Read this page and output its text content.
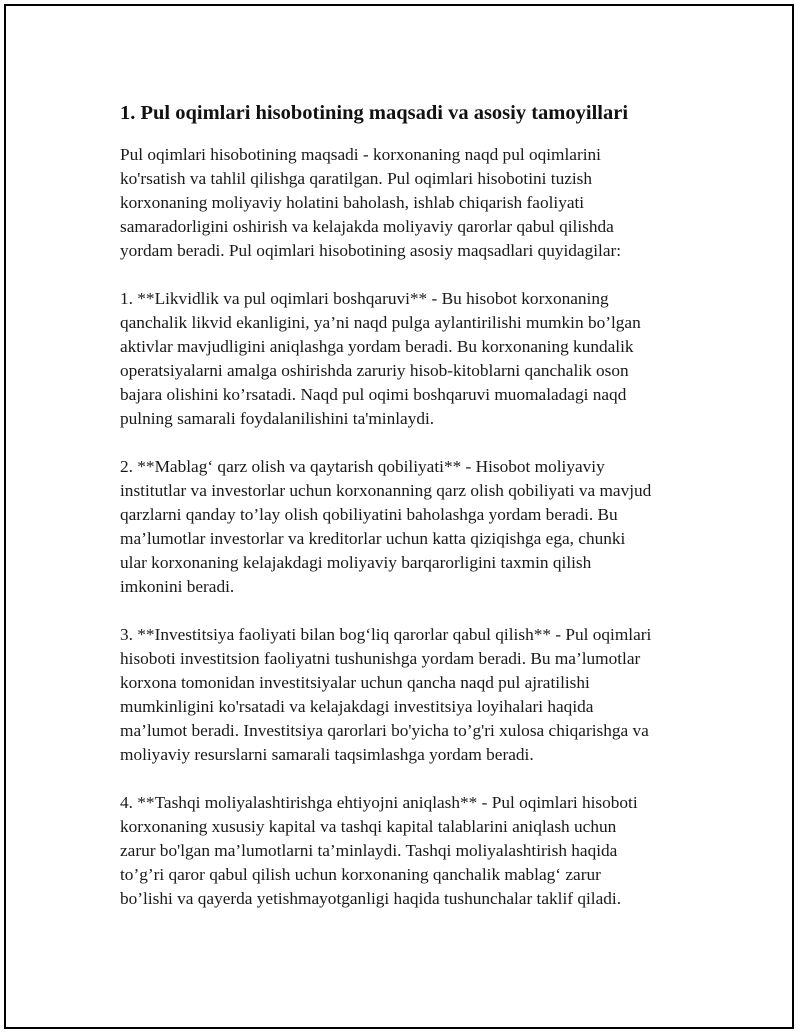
1. Pul oqimlari hisobotining maqsadi va asosiy tamoyillari
Pul oqimlari hisobotining maqsadi - korxonaning naqd pul oqimlarini
ko'rsatish va tahlil qilishga qaratilgan. Pul oqimlari hisobotini tuzish
korxonaning moliyaviy holatini baholash, ishlab chiqarish faoliyati
samaradorligini oshirish va kelajakda moliyaviy qarorlar qabul qilishda
yordam beradi. Pul oqimlari hisobotining asosiy maqsadlari quyidagilar:
1. **Likvidlik va pul oqimlari boshqaruvi** - Bu hisobot korxonaning
qanchalik likvid ekanligini, ya’ni naqd pulga aylantirilishi mumkin bo’lgan
aktivlar mavjudligini aniqlashga yordam beradi. Bu korxonaning kundalik
operatsiyalarni amalga oshirishda zaruriy hisob-kitoblarni qanchalik oson
bajara olishini ko’rsatadi. Naqd pul oqimi boshqaruvi muomaladagi naqd
pulning samarali foydalanilishini ta'minlaydi.
2. **Mablag‘ qarz olish va qaytarish qobiliyati** - Hisobot moliyaviy
institutlar va investorlar uchun korxonanning qarz olish qobiliyati va mavjud
qarzlarni qanday to’lay olish qobiliyatini baholashga yordam beradi. Bu
ma’lumotlar investorlar va kreditorlar uchun katta qiziqishga ega, chunki
ular korxonaning kelajakdagi moliyaviy barqarorligini taxmin qilish
imkonini beradi.
3. **Investitsiya faoliyati bilan bog‘liq qarorlar qabul qilish** - Pul oqimlari
hisoboti investitsion faoliyatni tushunishga yordam beradi. Bu ma’lumotlar
korxona tomonidan investitsiyalar uchun qancha naqd pul ajratilishi
mumkinligini ko'rsatadi va kelajakdagi investitsiya loyihalari haqida
ma’lumot beradi. Investitsiya qarorlari bo'yicha to’g'ri xulosa chiqarishga va
moliyaviy resurslarni samarali taqsimlashga yordam beradi.
4. **Tashqi moliyalashtirishga ehtiyojni aniqlash** - Pul oqimlari hisoboti
korxonaning xususiy kapital va tashqi kapital talablarini aniqlash uchun
zarur bo'lgan ma’lumotlarni ta’minlaydi. Tashqi moliyalashtirish haqida
to’g’ri qaror qabul qilish uchun korxonaning qanchalik mablag‘ zarur
bo’lishi va qayerda yetishmayotganligi haqida tushunchalar taklif qiladi.
